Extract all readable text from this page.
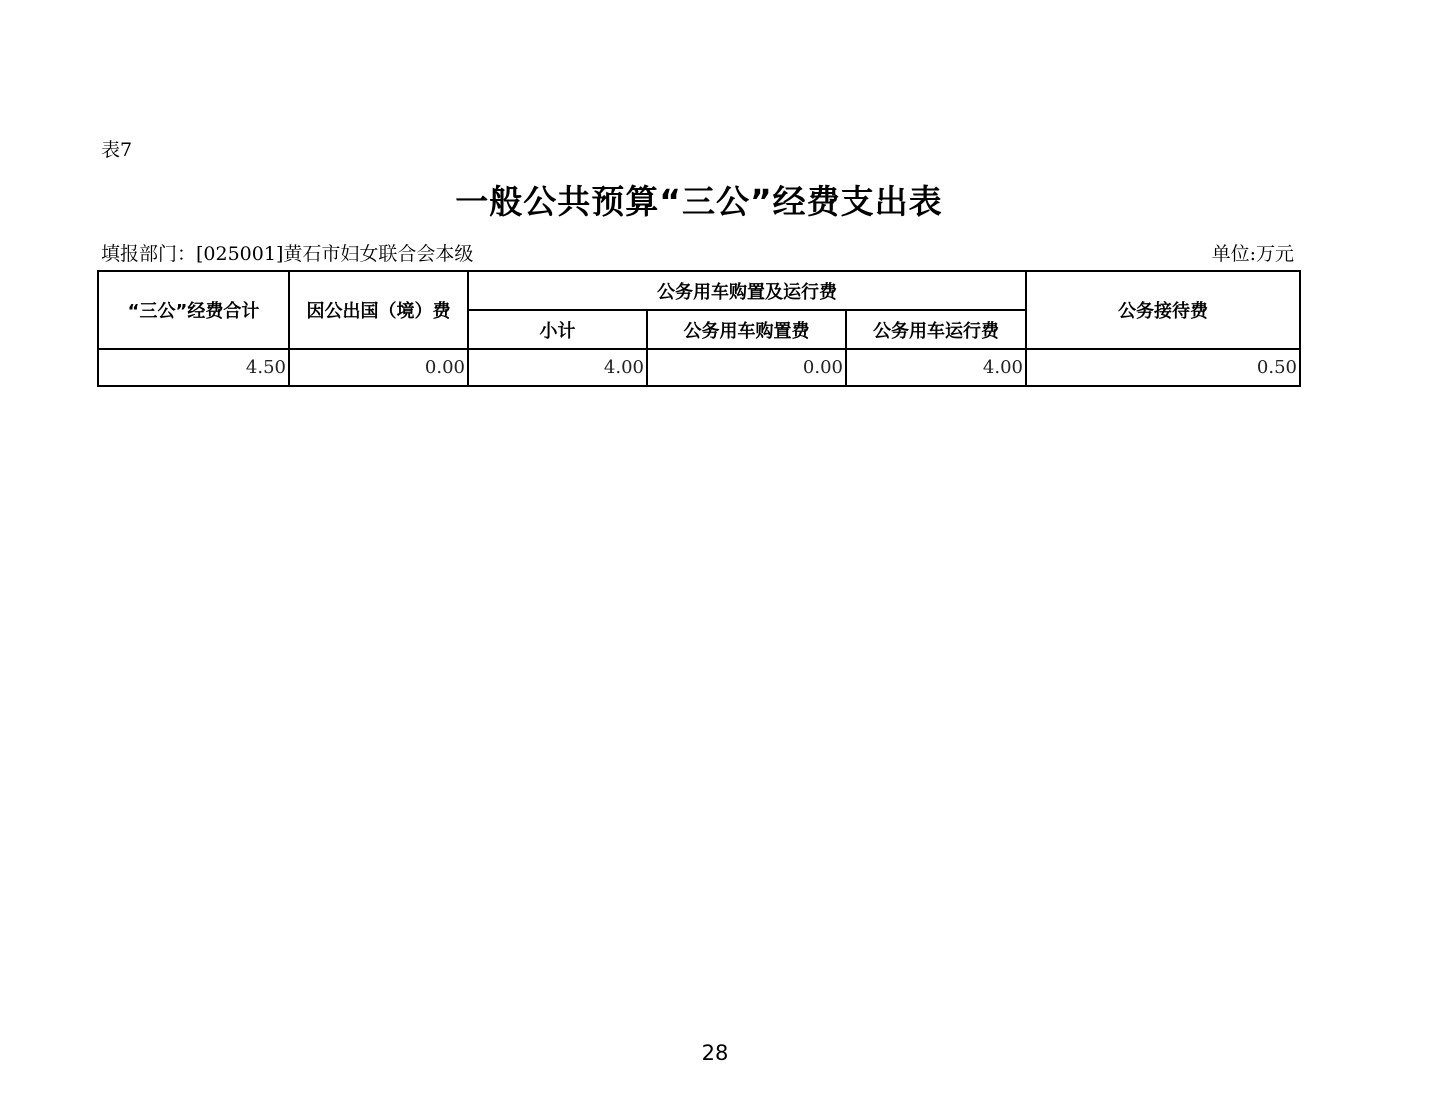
表7
一般公共预算“三公”经费支出表
填报部门：[025001]黄石市妇女联合会本级	单位:万元
“三公”经费合计	因公出国（境）费	公务用车购置及运行费			公务接待费
		小计	公务用车购置费	公务用车运行费	
4.50	0.00	4.00	0.00	4.00	0.50
28
